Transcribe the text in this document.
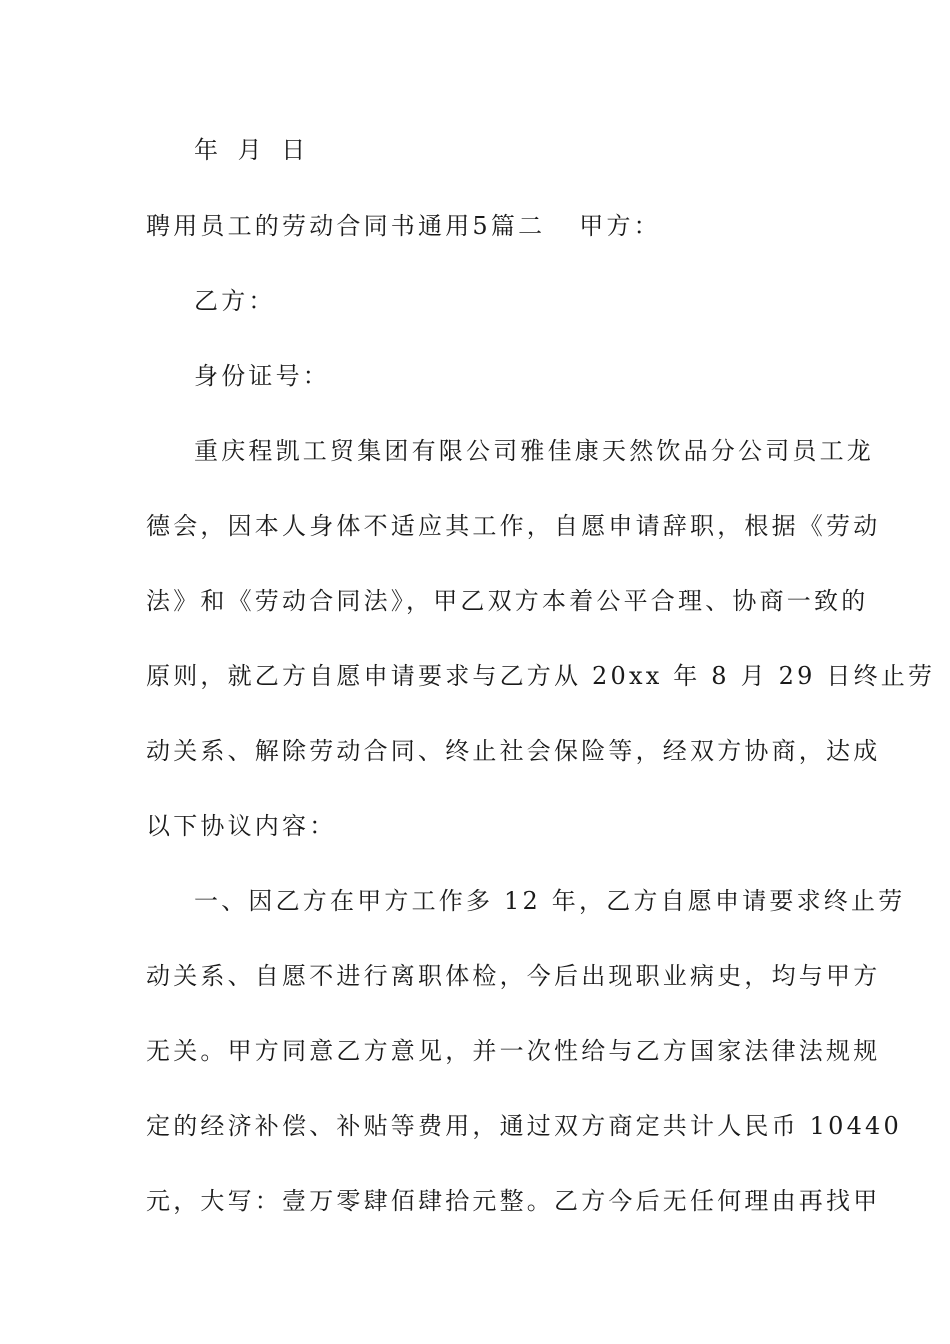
年 月 日
聘用员工的劳动合同书通用5篇二 甲方：
乙方：
身份证号：
重庆程凯工贸集团有限公司雅佳康天然饮品分公司员工龙
德会，因本人身体不适应其工作，自愿申请辞职，根据《劳动
法》和《劳动合同法》，甲乙双方本着公平合理、协商一致的
原则，就乙方自愿申请要求与乙方从 20xx 年 8 月 29 日终止劳
动关系、解除劳动合同、终止社会保险等，经双方协商，达成
以下协议内容：
一、因乙方在甲方工作多 12 年，乙方自愿申请要求终止劳
动关系、自愿不进行离职体检，今后出现职业病史，均与甲方
无关。甲方同意乙方意见，并一次性给与乙方国家法律法规规
定的经济补偿、补贴等费用，通过双方商定共计人民币 10440
元，大写：壹万零肆佰肆拾元整。乙方今后无任何理由再找甲
